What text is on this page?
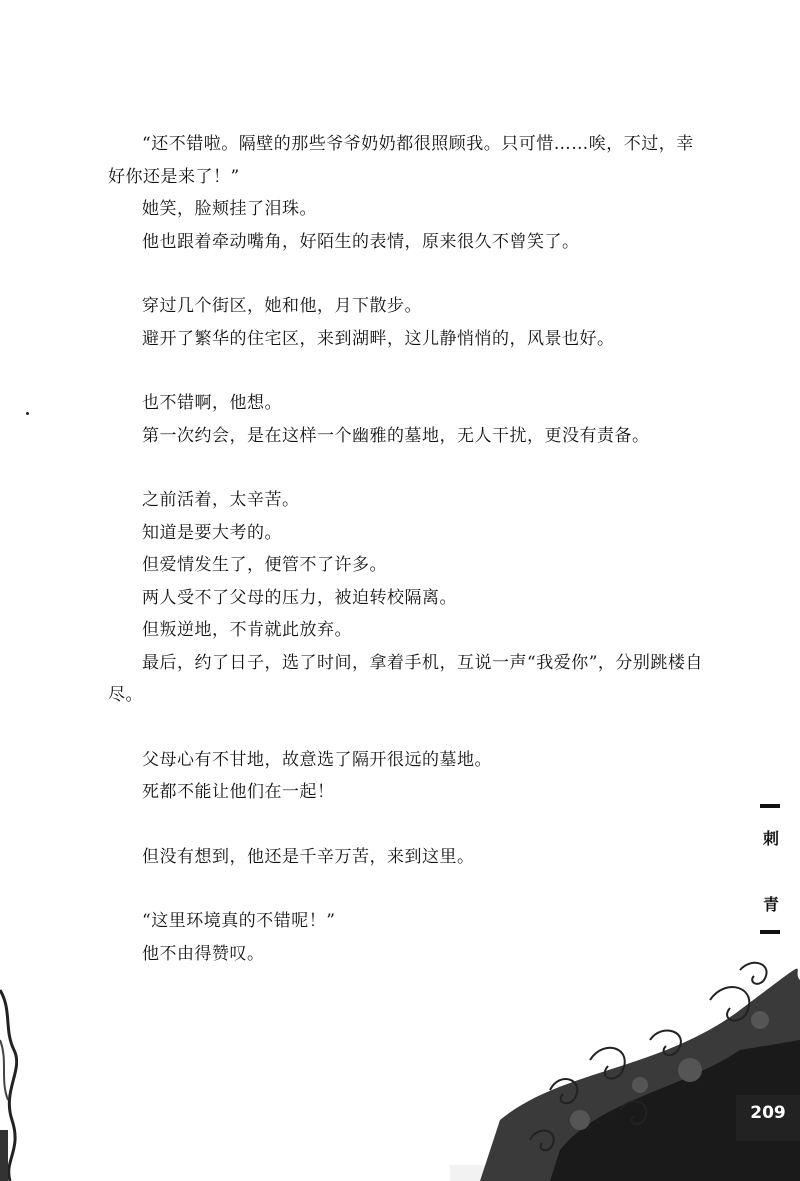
“还不错啦。隔壁的那些爷爷奶奶都很照顾我。只可惜……唉，不过，幸好你还是来了！”

她笑，脸颊挂了泪珠。

他也跟着牵动嘴角，好陌生的表情，原来很久不曾笑了。

穿过几个街区，她和他，月下散步。

避开了繁华的住宅区，来到湖畔，这儿静悄悄的，风景也好。

也不错啊，他想。

第一次约会，是在这样一个幽雅的墓地，无人干扰，更没有责备。

之前活着，太辛苦。

知道是要大考的。

但爱情发生了，便管不了许多。

两人受不了父母的压力，被迫转校隔离。

但叛逆地，不肯就此放弃。

最后，约了日子，选了时间，拿着手机，互说一声“我爱你”，分别跳楼自尽。

父母心有不甘地，故意选了隔开很远的墓地。

死都不能让他们在一起！

但没有想到，他还是千辛万苦，来到这里。

“这里环境真的不错呢！”

他不由得赞叹。

刺
青
209
